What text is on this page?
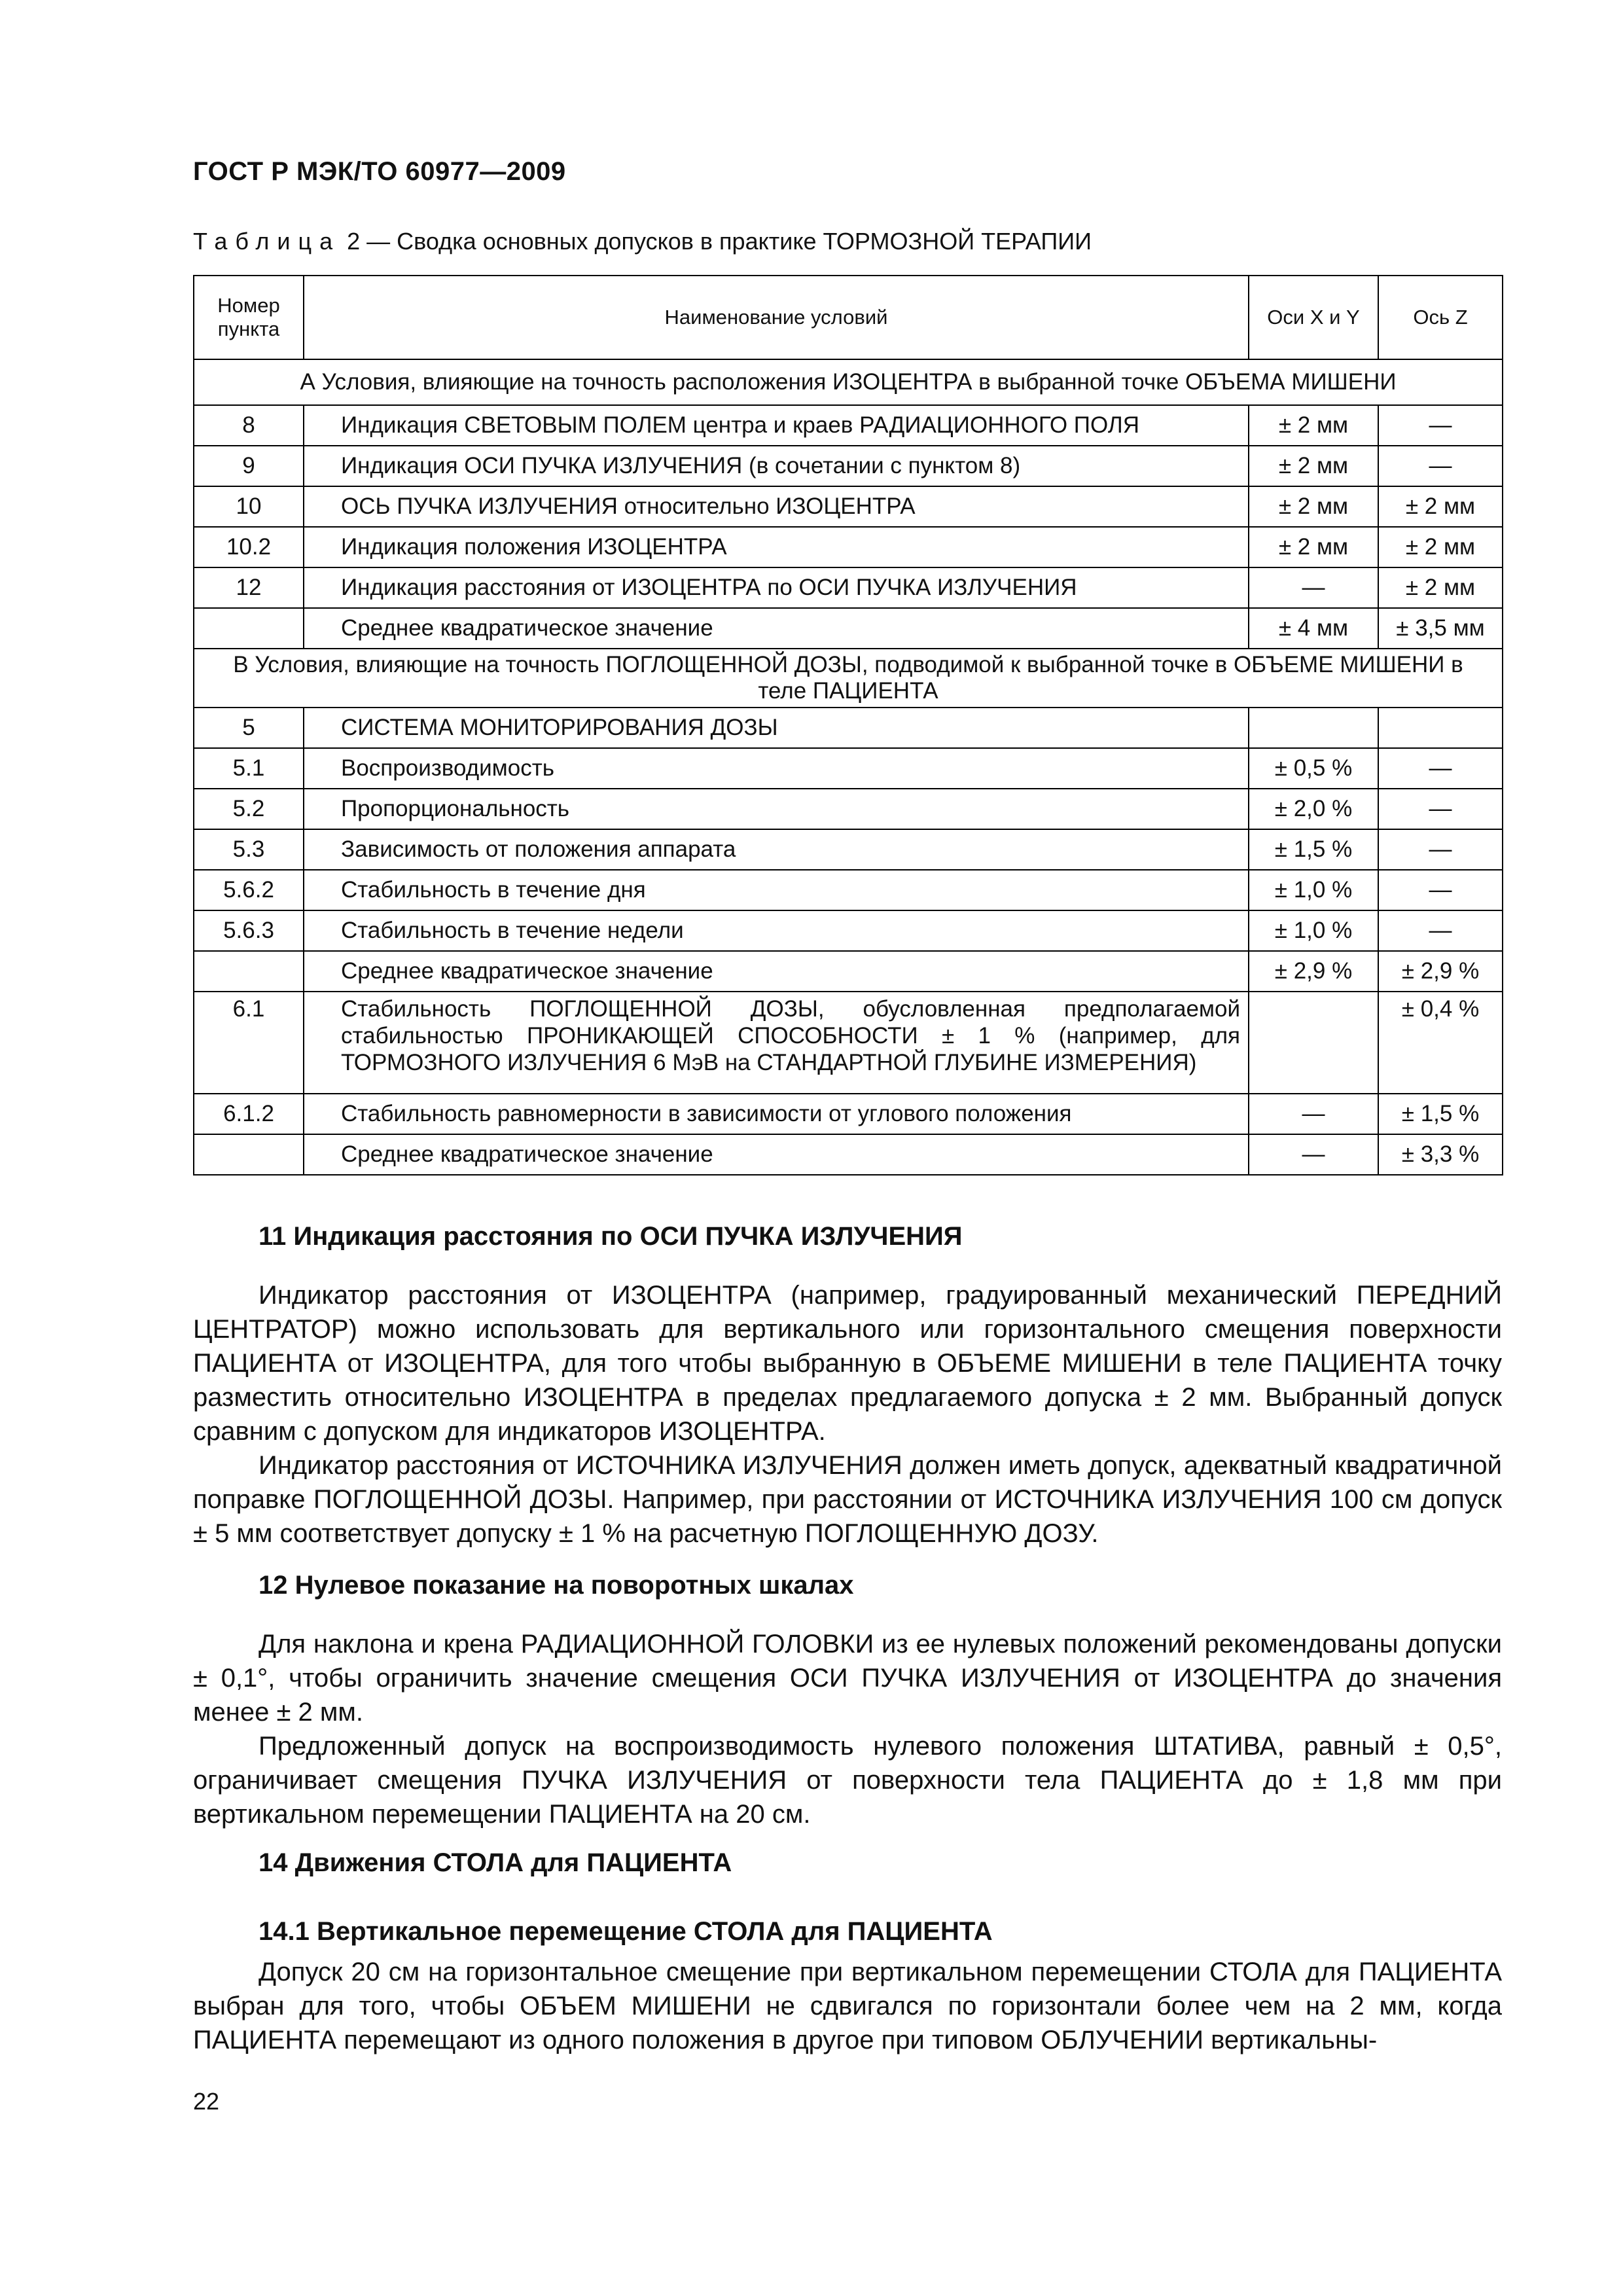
ГОСТ Р МЭК/ТО 60977—2009
Таблица 2 — Сводка основных допусков в практике ТОРМОЗНОЙ ТЕРАПИИ
Номер пункта	Наименование условий	Оси X и Y	Ось Z
А Условия, влияющие на точность расположения ИЗОЦЕНТРА в выбранной точке ОБЪЕМА МИШЕНИ			
8	Индикация СВЕТОВЫМ ПОЛЕМ центра и краев РАДИАЦИОННОГО ПОЛЯ	± 2 мм	—
9	Индикация ОСИ ПУЧКА ИЗЛУЧЕНИЯ (в сочетании с пунктом 8)	± 2 мм	—
10	ОСЬ ПУЧКА ИЗЛУЧЕНИЯ относительно ИЗОЦЕНТРА	± 2 мм	± 2 мм
10.2	Индикация положения ИЗОЦЕНТРА	± 2 мм	± 2 мм
12	Индикация расстояния от ИЗОЦЕНТРА по ОСИ ПУЧКА ИЗЛУЧЕНИЯ	—	± 2 мм
	Среднее квадратическое значение	± 4 мм	± 3,5 мм
В Условия, влияющие на точность ПОГЛОЩЕННОЙ ДОЗЫ, подводимой к выбранной точке в ОБЪЕМЕ МИШЕНИ в теле ПАЦИЕНТА			
5	СИСТЕМА МОНИТОРИРОВАНИЯ ДОЗЫ		
5.1	Воспроизводимость	± 0,5 %	—
5.2	Пропорциональность	± 2,0 %	—
5.3	Зависимость от положения аппарата	± 1,5 %	—
5.6.2	Стабильность в течение дня	± 1,0 %	—
5.6.3	Стабильность в течение недели	± 1,0 %	—
	Среднее квадратическое значение	± 2,9 %	± 2,9 %
6.1	Стабильность ПОГЛОЩЕННОЙ ДОЗЫ, обусловленная предполагаемой стабильностью ПРОНИКАЮЩЕЙ СПОСОБНОСТИ ± 1 % (например, для ТОРМОЗНОГО ИЗЛУЧЕНИЯ 6 МэВ на СТАНДАРТНОЙ ГЛУБИНЕ ИЗМЕРЕНИЯ)		± 0,4 %
6.1.2	Стабильность равномерности в зависимости от углового положения	—	± 1,5 %
	Среднее квадратическое значение	—	± 3,3 %
11 Индикация расстояния по ОСИ ПУЧКА ИЗЛУЧЕНИЯ

Индикатор расстояния от ИЗОЦЕНТРА (например, градуированный механический ПЕРЕДНИЙ ЦЕНТРАТОР) можно использовать для вертикального или горизонтального смещения поверхности ПАЦИЕНТА от ИЗОЦЕНТРА, для того чтобы выбранную в ОБЪЕМЕ МИШЕНИ в теле ПАЦИЕНТА точку разместить относительно ИЗОЦЕНТРА в пределах предлагаемого допуска ± 2 мм. Выбранный допуск сравним с допуском для индикаторов ИЗОЦЕНТРА.

Индикатор расстояния от ИСТОЧНИКА ИЗЛУЧЕНИЯ должен иметь допуск, адекватный квадратичной поправке ПОГЛОЩЕННОЙ ДОЗЫ. Например, при расстоянии от ИСТОЧНИКА ИЗЛУЧЕНИЯ 100 см допуск ± 5 мм соответствует допуску ± 1 % на расчетную ПОГЛОЩЕННУЮ ДОЗУ.

12 Нулевое показание на поворотных шкалах

Для наклона и крена РАДИАЦИОННОЙ ГОЛОВКИ из ее нулевых положений рекомендованы допуски ± 0,1°, чтобы ограничить значение смещения ОСИ ПУЧКА ИЗЛУЧЕНИЯ от ИЗОЦЕНТРА до значения менее ± 2 мм.

Предложенный допуск на воспроизводимость нулевого положения ШТАТИВА, равный ± 0,5°, ограничивает смещения ПУЧКА ИЗЛУЧЕНИЯ от поверхности тела ПАЦИЕНТА до ± 1,8 мм при вертикальном перемещении ПАЦИЕНТА на 20 см.

14 Движения СТОЛА для ПАЦИЕНТА
14.1 Вертикальное перемещение СТОЛА для ПАЦИЕНТА

Допуск 20 см на горизонтальное смещение при вертикальном перемещении СТОЛА для ПАЦИЕНТА выбран для того, чтобы ОБЪЕМ МИШЕНИ не сдвигался по горизонтали более чем на 2 мм, когда ПАЦИЕНТА перемещают из одного положения в другое при типовом ОБЛУЧЕНИИ вертикальны-

22
